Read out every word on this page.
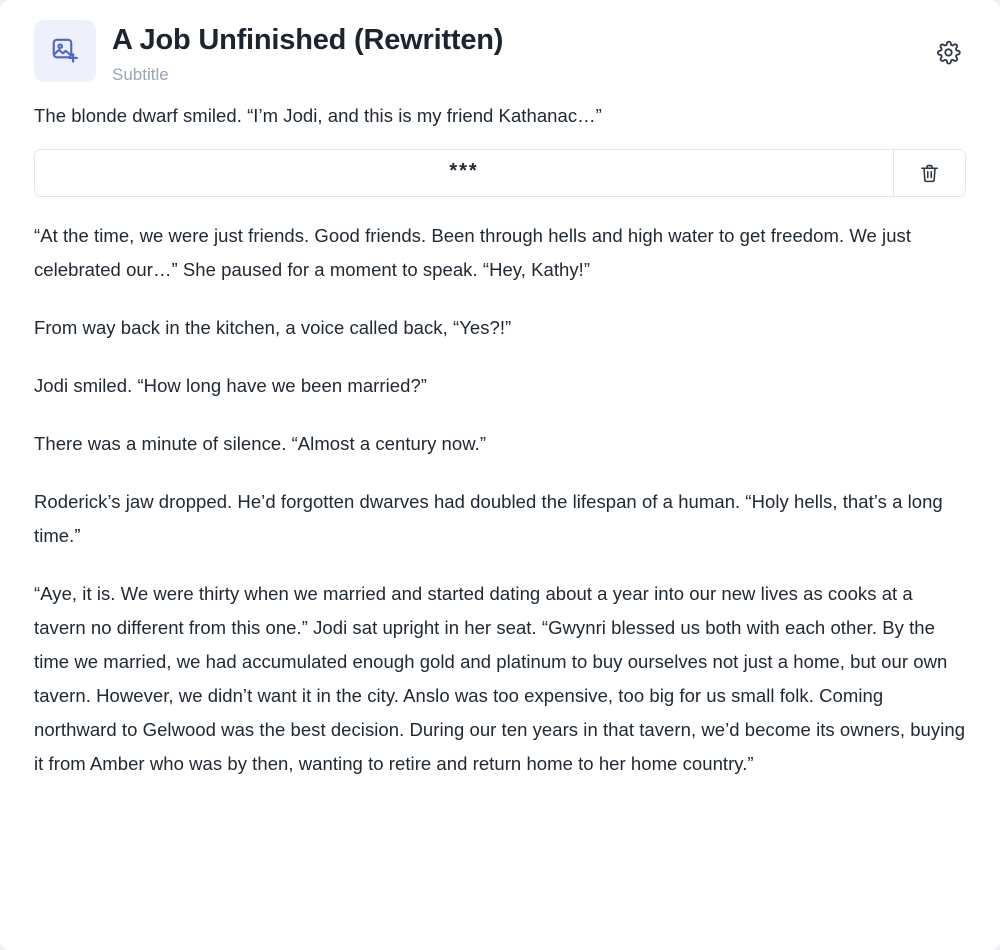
A Job Unfinished (Rewritten)
Subtitle

The blonde dwarf smiled. “I’m Jodi, and this is my friend Kathanac…”

***

“At the time, we were just friends. Good friends. Been through hells and high water to get freedom. We just celebrated our…” She paused for a moment to speak. “Hey, Kathy!”

From way back in the kitchen, a voice called back, “Yes?!”

Jodi smiled. “How long have we been married?”

There was a minute of silence. “Almost a century now.”

Roderick’s jaw dropped. He’d forgotten dwarves had doubled the lifespan of a human. “Holy hells, that’s a long time.”

“Aye, it is. We were thirty when we married and started dating about a year into our new lives as cooks at a tavern no different from this one.” Jodi sat upright in her seat. “Gwynri blessed us both with each other. By the time we married, we had accumulated enough gold and platinum to buy ourselves not just a home, but our own tavern. However, we didn’t want it in the city. Anslo was too expensive, too big for us small folk. Coming northward to Gelwood was the best decision. During our ten years in that tavern, we’d become its owners, buying it from Amber who was by then, wanting to retire and return home to her home country.”
